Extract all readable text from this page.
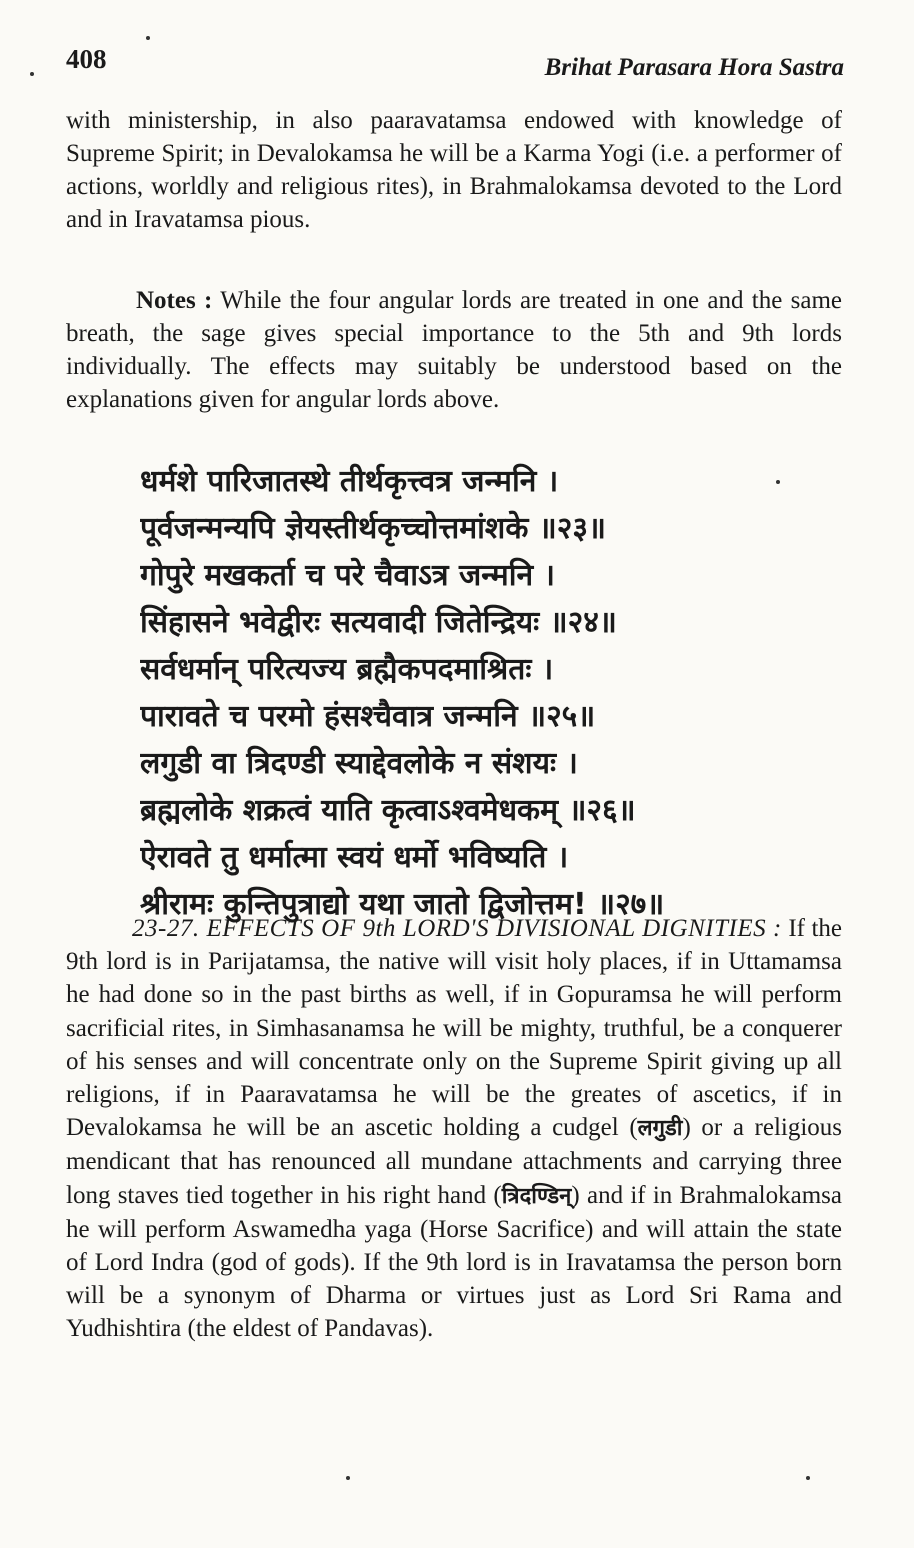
408	Brihat Parasara Hora Sastra

with ministership, in also paaravatamsa endowed with knowledge of Supreme Spirit; in Devalokamsa he will be a Karma Yogi (i.e. a performer of actions, worldly and religious rites), in Brahmalokamsa devoted to the Lord and in Iravatamsa pious.

Notes : While the four angular lords are treated in one and the same breath, the sage gives special importance to the 5th and 9th lords individually. The effects may suitably be understood based on the explanations given for angular lords above.

धर्मशे पारिजातस्थे तीर्थकृत्त्वत्र जन्मनि ।
पूर्वजन्मन्यपि ज्ञेयस्तीर्थकृच्चोत्तमांशके ॥२३॥
गोपुरे मखकर्ता च परे चैवाऽत्र जन्मनि ।
सिंहासने भवेद्वीरः सत्यवादी जितेन्द्रियः ॥२४॥
सर्वधर्मान् परित्यज्य ब्रह्मैकपदमाश्रितः ।
पारावते च परमो हंसश्चैवात्र जन्मनि ॥२५॥
लगुडी वा त्रिदण्डी स्याद्देवलोके न संशयः ।
ब्रह्मलोके शक्रत्वं याति कृत्वाऽश्वमेधकम् ॥२६॥
ऐरावते तु धर्मात्मा स्वयं धर्मो भविष्यति ।
श्रीरामः कुन्तिपुत्राद्यो यथा जातो द्विजोत्तम! ॥२७॥

23-27. EFFECTS OF 9th LORD'S DIVISIONAL DIGNITIES : If the 9th lord is in Parijatamsa, the native will visit holy places, if in Uttamamsa he had done so in the past births as well, if in Gopuramsa he will perform sacrificial rites, in Simhasanamsa he will be mighty, truthful, be a conquerer of his senses and will concentrate only on the Supreme Spirit giving up all religions, if in Paaravatamsa he will be the greates of ascetics, if in Devalokamsa he will be an ascetic holding a cudgel (लगुडी) or a religious mendicant that has renounced all mundane attachments and carrying three long staves tied together in his right hand (त्रिदण्डिन्) and if in Brahmalokamsa he will perform Aswamedha yaga (Horse Sacrifice) and will attain the state of Lord Indra (god of gods). If the 9th lord is in Iravatamsa the person born will be a synonym of Dharma or virtues just as Lord Sri Rama and Yudhishtira (the eldest of Pandavas).
